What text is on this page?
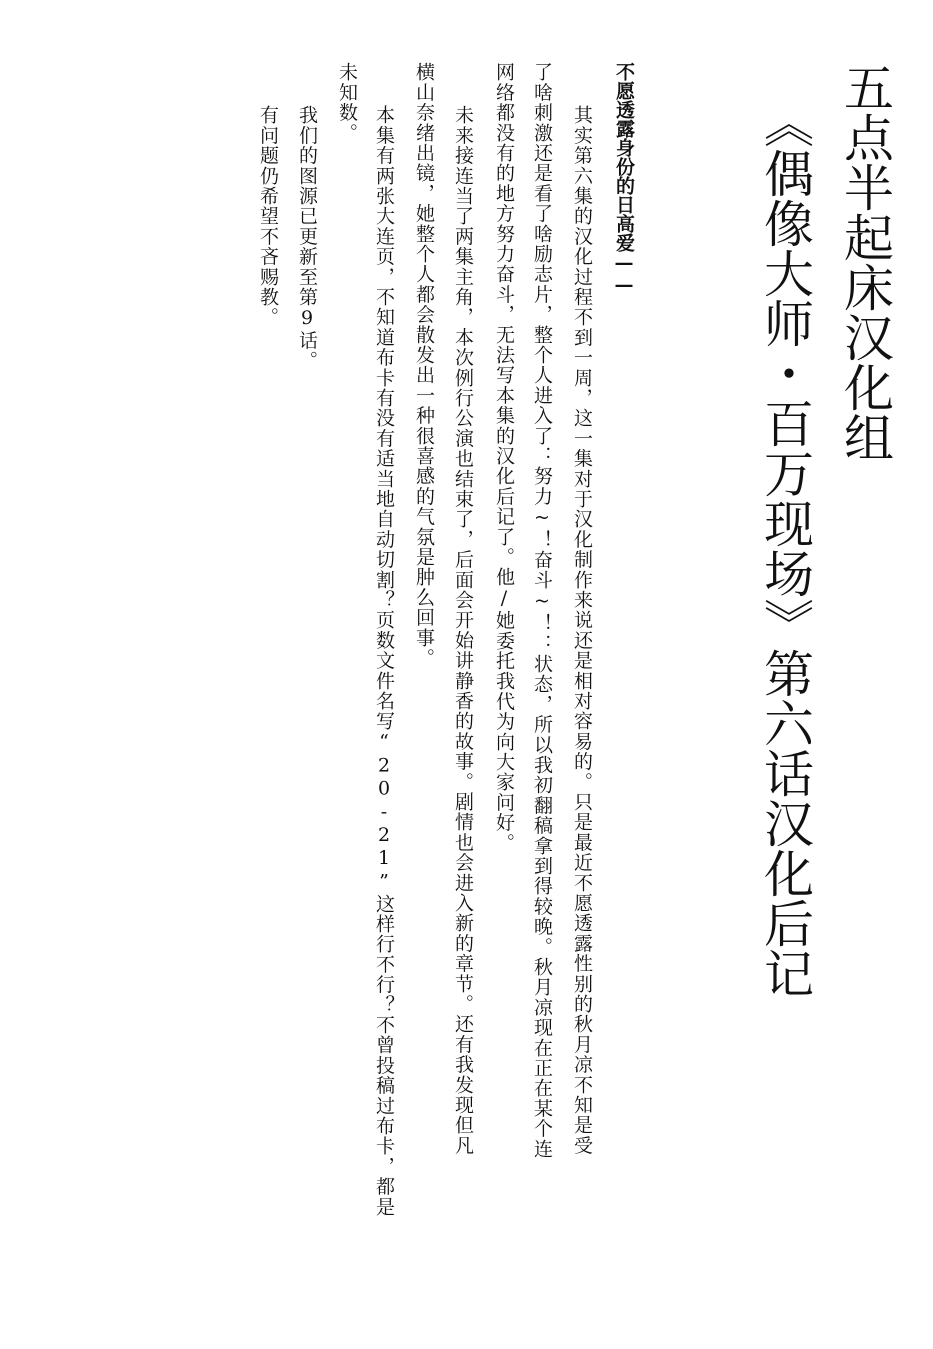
五点半起床汉化组
《偶像大师・百万现场》第六话汉化后记
不愿透露身份的日高爱——
其实第六集的汉化过程不到一周，这一集对于汉化制作来说还是相对容易的。只是最近不愿透露性别的秋月凉不知是受
了啥刺激还是看了啥励志片，整个人进入了：努力~！奋斗~！：状态，所以我初翻稿拿到得较晚。秋月凉现在正在某个连
网络都没有的地方努力奋斗，无法写本集的汉化后记了。他/她委托我代为向大家问好。
未来接连当了两集主角，本次例行公演也结束了，后面会开始讲静香的故事。剧情也会进入新的章节。还有我发现但凡
横山奈绪出镜，她整个人都会散发出一种很喜感的气氛是肿么回事。
本集有两张大连页，不知道布卡有没有适当地自动切割？页数文件名写“20-21”这样行不行？不曾投稿过布卡，都是
未知数。
我们的图源已更新至第9话。
有问题仍希望不吝赐教。
